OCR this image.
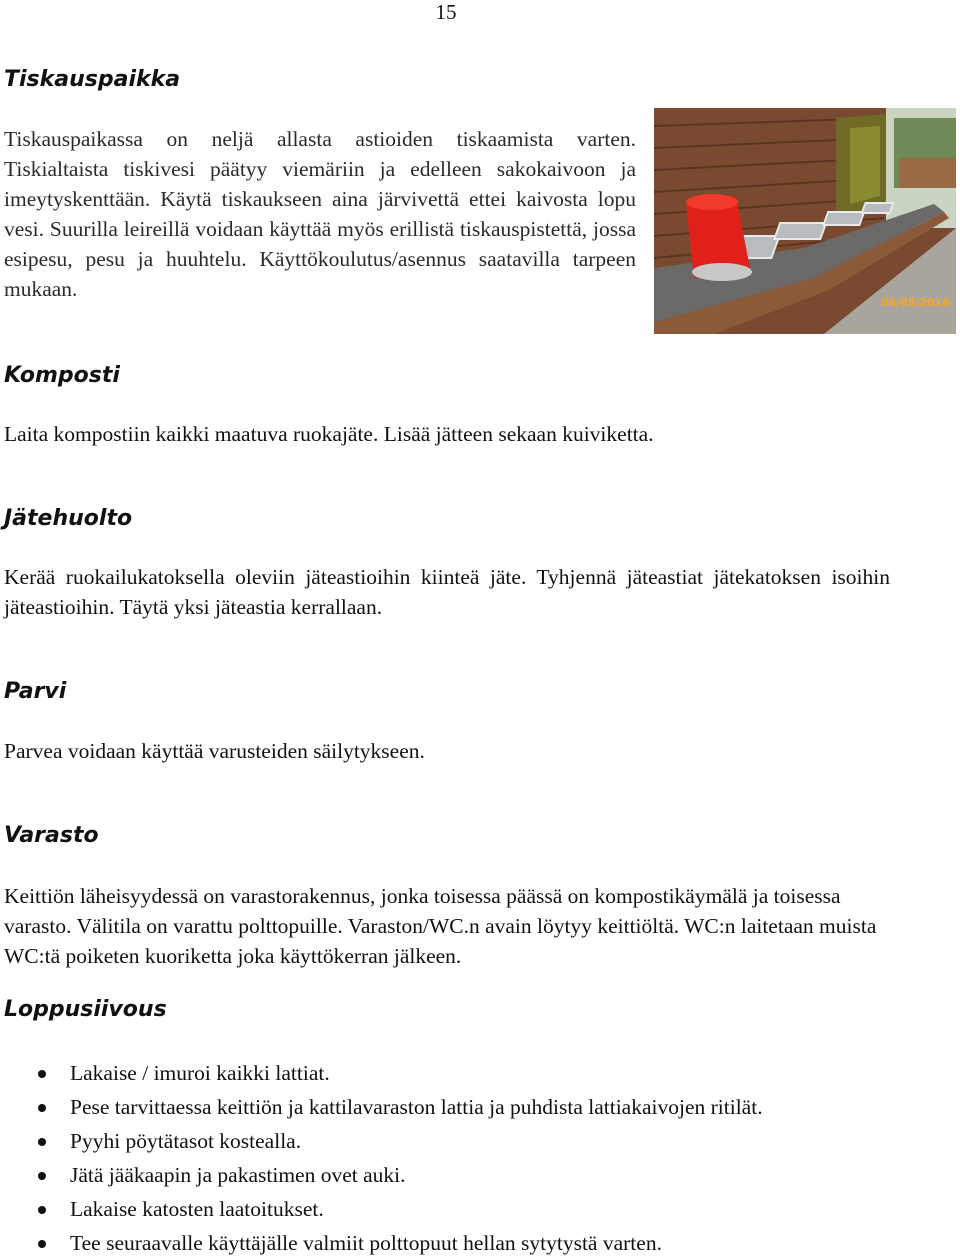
15
Tiskauspaikka

Tiskauspaikassa on neljä allasta astioiden tiskaamista varten. Tiskialtaista tiskivesi päätyy viemäriin ja edelleen sakokaivoon ja imeytyskenttään. Käytä tiskaukseen aina järvivettä ettei kaivosta lopu vesi. Suurilla leireillä voidaan käyttää myös erillistä tiskauspistettä, jossa esipesu, pesu ja huuhtelu. Käyttökoulutus/asennus saatavilla tarpeen mukaan.

06/05/2016
Komposti

Laita kompostiin kaikki maatuva ruokajäte. Lisää jätteen sekaan kuiviketta.

Jätehuolto

Kerää ruokailukatoksella oleviin jäteastioihin kiinteä jäte. Tyhjennä jäteastiat jätekatoksen isoihin jäteastioihin. Täytä yksi jäteastia kerrallaan.

Parvi

Parvea voidaan käyttää varusteiden säilytykseen.

Varasto

Keittiön läheisyydessä on varastorakennus, jonka toisessa päässä on kompostikäymälä ja toisessa varasto. Välitila on varattu polttopuille. Varaston/WC.n avain löytyy keittiöltä. WC:n laitetaan muista WC:tä poiketen kuoriketta joka käyttökerran jälkeen.

Loppusiivous
Lakaise / imuroi kaikki lattiat.
Pese tarvittaessa keittiön ja kattilavaraston lattia ja puhdista lattiakaivojen ritilät.
Pyyhi pöytätasot kostealla.
Jätä jääkaapin ja pakastimen ovet auki.
Lakaise katosten laatoitukset.
Tee seuraavalle käyttäjälle valmiit polttopuut hellan sytytystä varten.
